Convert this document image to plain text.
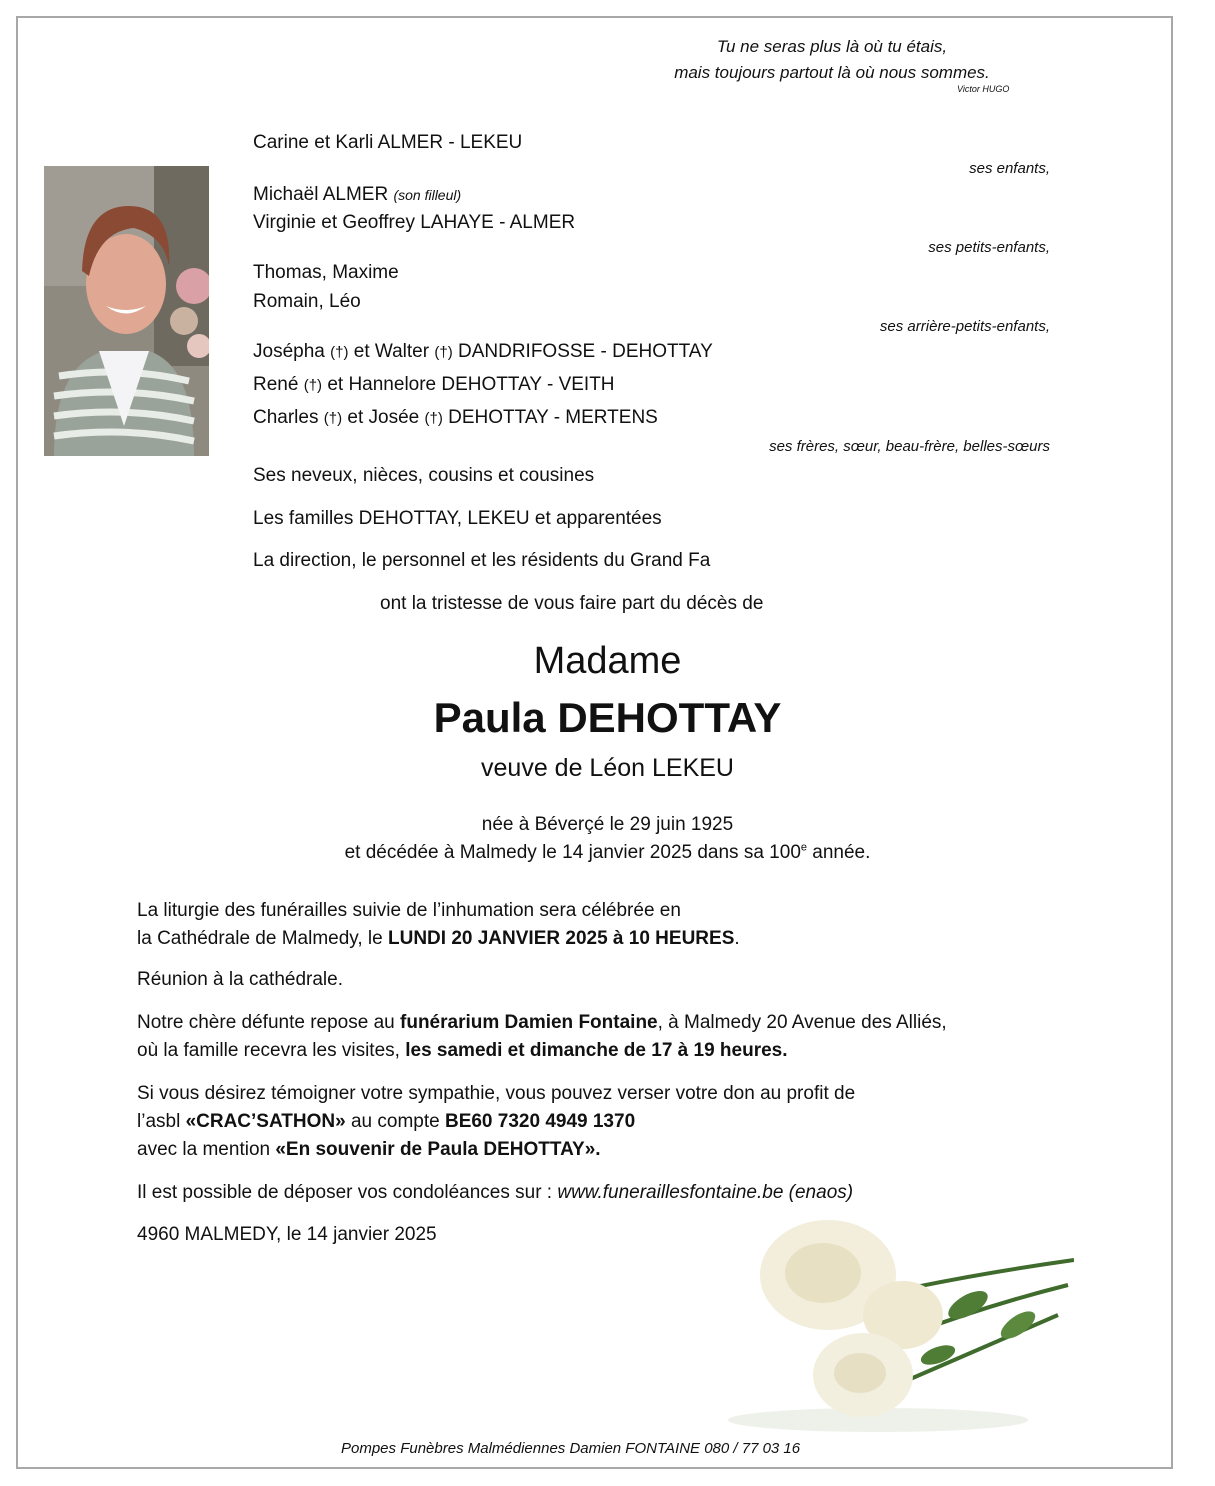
Tu ne seras plus là où tu étais,
mais toujours partout là où nous sommes.
Victor HUGO
Carine et Karli ALMER - LEKEU
ses enfants,
Michaël ALMER (son filleul)
Virginie et Geoffrey LAHAYE - ALMER
ses petits-enfants,
Thomas, Maxime
Romain, Léo
ses arrière-petits-enfants,
Josépha (†) et Walter (†) DANDRIFOSSE - DEHOTTAY
René (†) et Hannelore DEHOTTAY - VEITH
Charles (†) et Josée (†) DEHOTTAY - MERTENS
ses frères, sœur, beau-frère, belles-sœurs
Ses neveux, nièces, cousins et cousines
Les familles DEHOTTAY, LEKEU et apparentées
La direction, le personnel et les résidents du Grand Fa
ont la tristesse de vous faire part du décès de
Madame
Paula DEHOTTAY
veuve de Léon LEKEU
née à Béverçé le 29 juin 1925
et décédée à Malmedy le 14 janvier 2025 dans sa 100e année.
La liturgie des funérailles suivie de l’inhumation sera célébrée en
la Cathédrale de Malmedy, le LUNDI 20 JANVIER 2025 à 10 HEURES.
Réunion à la cathédrale.
Notre chère défunte repose au funérarium Damien Fontaine, à Malmedy 20 Avenue des Alliés,
où la famille recevra les visites, les samedi et dimanche de 17 à 19 heures.
Si vous désirez témoigner votre sympathie, vous pouvez verser votre don au profit de
l’asbl «CRAC’SATHON» au compte BE60 7320 4949 1370
avec la mention «En souvenir de Paula DEHOTTAY».
Il est possible de déposer vos condoléances sur : www.funeraillesfontaine.be (enaos)
4960 MALMEDY, le 14 janvier 2025
Pompes Funèbres Malmédiennes Damien FONTAINE 080 / 77 03 16
